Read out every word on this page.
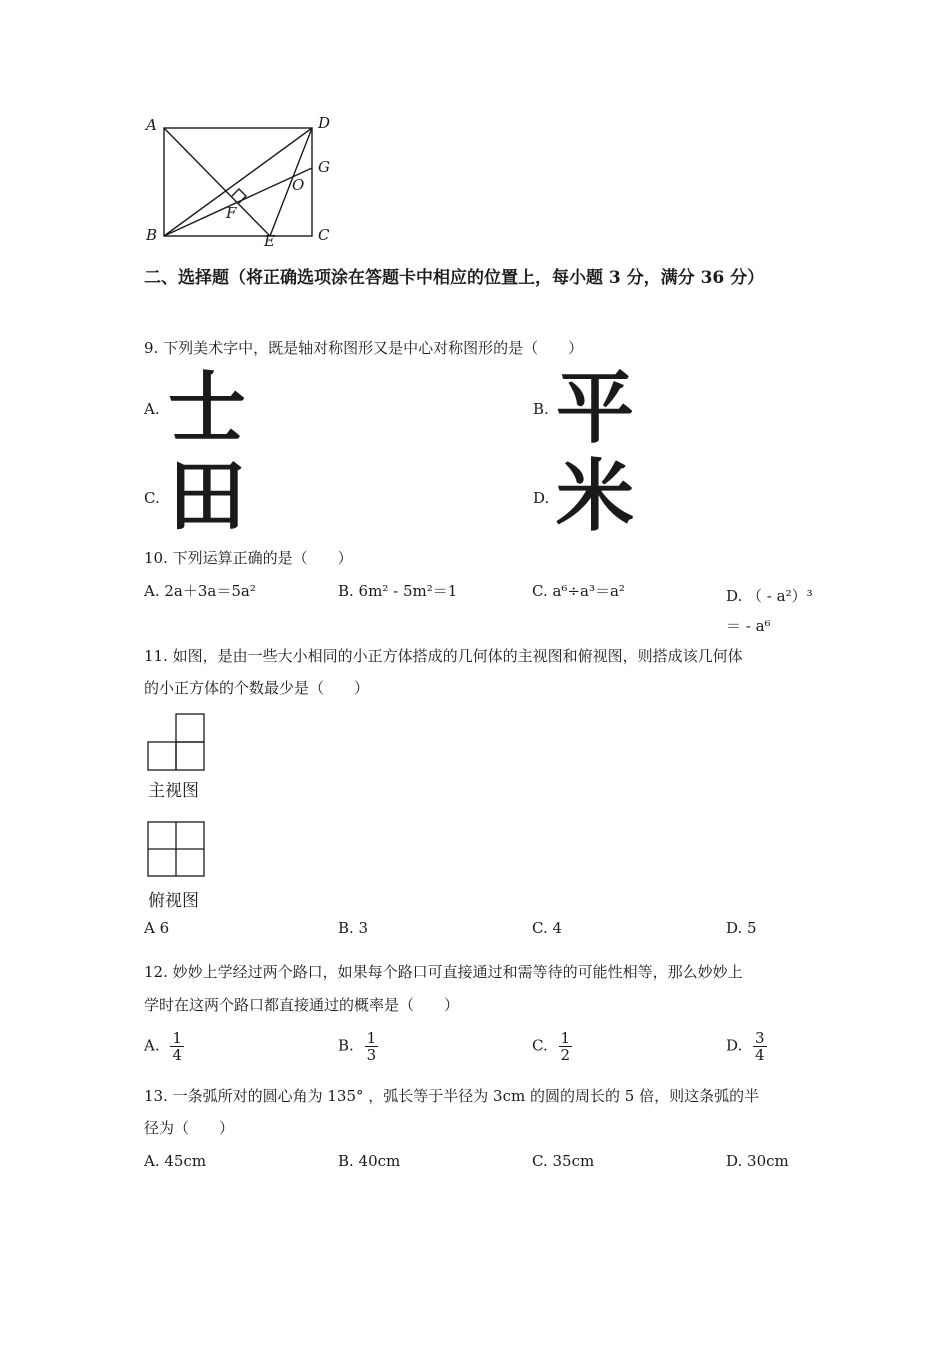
A	D
G
O
F
B	E	C
二、选择题（将正确选项涂在答题卡中相应的位置上，每小题 3 分，满分 36 分）
9. 下列美术字中，既是轴对称图形又是中心对称图形的是（　　）
A. 士	B. 平
C. 田	D. 米
10. 下列运算正确的是（　　）
A. 2a＋3a＝5a²	B. 6m² - 5m²＝1	C. a⁶÷a³＝a²	D. （ - a²）³＝ - a⁶
11. 如图，是由一些大小相同的小正方体搭成的几何体的主视图和俯视图，则搭成该几何体
的小正方体的个数最少是（　　）
主视图
俯视图
A 6	B. 3	C. 4	D. 5
12. 妙妙上学经过两个路口，如果每个路口可直接通过和需等待的可能性相等，那么妙妙上
学时在这两个路口都直接通过的概率是（　　）
A. $\frac{1}{4}$	B. $\frac{1}{3}$	C. $\frac{1}{2}$	D. $\frac{3}{4}$
13. 一条弧所对的圆心角为 135° ，弧长等于半径为 3cm 的圆的周长的 5 倍，则这条弧的半
径为（　　）
A. 45cm	B. 40cm	C. 35cm	D. 30cm
